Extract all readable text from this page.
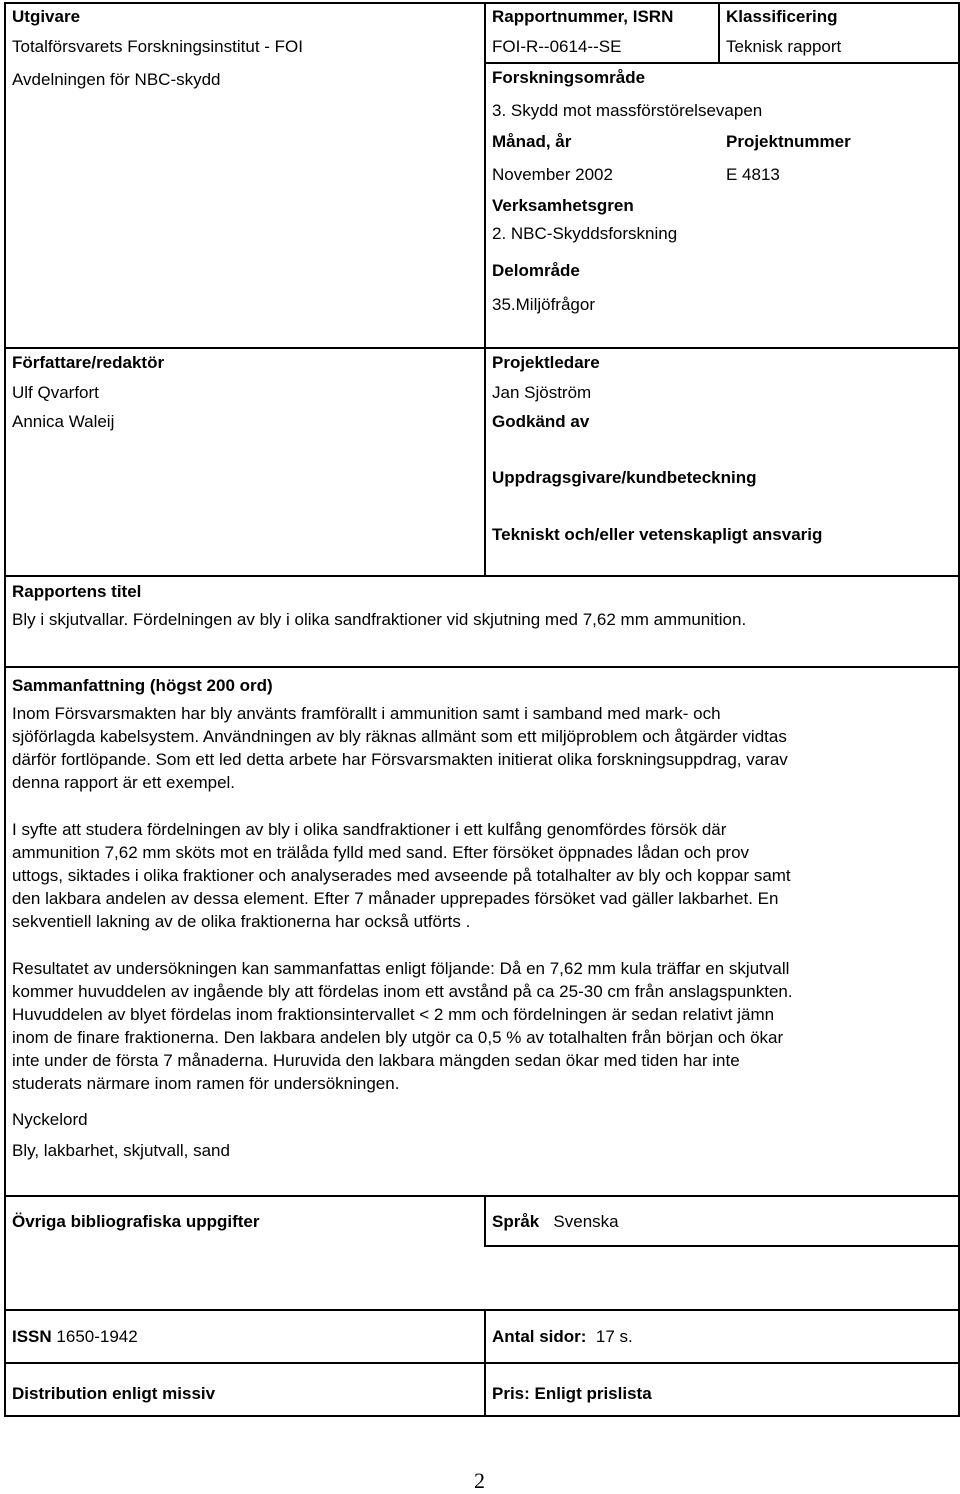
Utgivare
Totalförsvarets Forskningsinstitut - FOI
Avdelningen för NBC-skydd
Rapportnummer, ISRN
FOI-R--0614--SE
Klassificering
Teknisk rapport
Forskningsområde
3. Skydd mot massförstörelsevapen
Månad, år	Projektnummer
November 2002	E 4813
Verksamhetsgren
2. NBC-Skyddsforskning
Delområde
35.Miljöfrågor
Författare/redaktör
Ulf Qvarfort
Annica Waleij
Projektledare
Jan Sjöström
Godkänd av
Uppdragsgivare/kundbeteckning
Tekniskt och/eller vetenskapligt ansvarig
Rapportens titel
Bly i skjutvallar. Fördelningen av bly i olika sandfraktioner vid skjutning med 7,62 mm ammunition.
Sammanfattning (högst 200 ord)
Inom Försvarsmakten har bly använts framförallt i ammunition samt i samband med mark- och
sjöförlagda kabelsystem. Användningen av bly räknas allmänt som ett miljöproblem och åtgärder vidtas
därför fortlöpande. Som ett led detta arbete har Försvarsmakten initierat olika forskningsuppdrag, varav
denna rapport är ett exempel.
I syfte att studera fördelningen av bly i olika sandfraktioner i ett kulfång genomfördes försök där
ammunition 7,62 mm sköts mot en trälåda fylld med sand. Efter försöket öppnades lådan och prov
uttogs, siktades i olika fraktioner och analyserades med avseende på totalhalter av bly och koppar samt
den lakbara andelen av dessa element. Efter 7 månader upprepades försöket vad gäller lakbarhet. En
sekventiell lakning av de olika fraktionerna har också utförts .
Resultatet av undersökningen kan sammanfattas enligt följande: Då en 7,62 mm kula träffar en skjutvall
kommer huvuddelen av ingående bly att fördelas inom ett avstånd på ca 25-30 cm från anslagspunkten.
Huvuddelen av blyet fördelas inom fraktionsintervallet < 2 mm och fördelningen är sedan relativt jämn
inom de finare fraktionerna. Den lakbara andelen bly utgör ca 0,5 % av totalhalten från början och ökar
inte under de första 7 månaderna. Huruvida den lakbara mängden sedan ökar med tiden har inte
studerats närmare inom ramen för undersökningen.
Nyckelord
Bly, lakbarhet, skjutvall, sand
Övriga bibliografiska uppgifter	Språk Svenska
ISSN 1650-1942	Antal sidor: 17 s.
Distribution enligt missiv	Pris: Enligt prislista
2
